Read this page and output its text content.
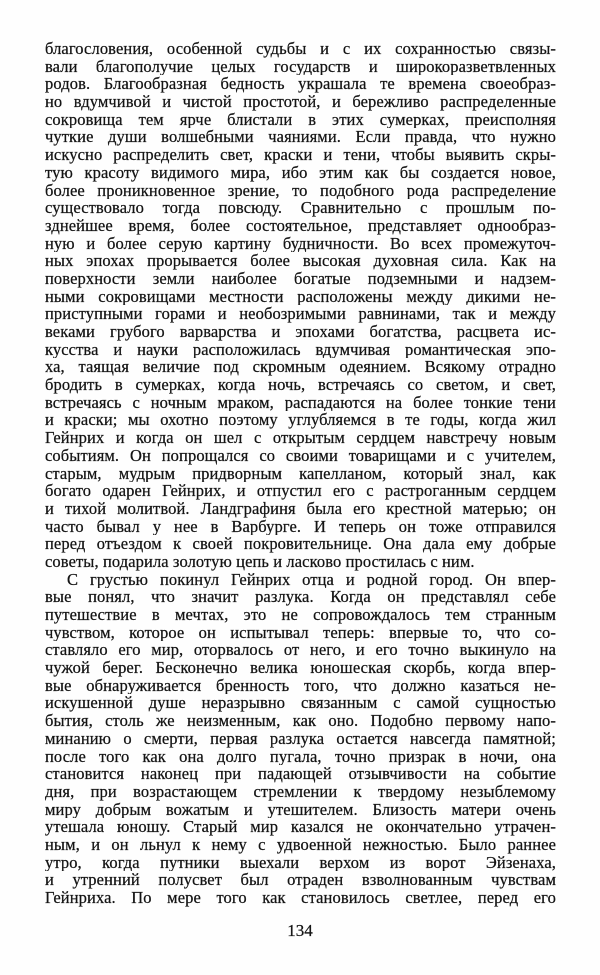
благословения, особенной судьбы и с их сохранностью связы-
вали благополучие целых государств и широкоразветвленных
родов. Благообразная бедность украшала те времена своеобраз-
но вдумчивой и чистой простотой, и бережливо распределенные
сокровища тем ярче блистали в этих сумерках, преисполняя
чуткие души волшебными чаяниями. Если правда, что нужно
искусно распределить свет, краски и тени, чтобы выявить скры-
тую красоту видимого мира, ибо этим как бы создается новое,
более проникновенное зрение, то подобного рода распределение
существовало тогда повсюду. Сравнительно с прошлым по-
зднейшее время, более состоятельное, представляет однообраз-
ную и более серую картину будничности. Во всех промежуточ-
ных эпохах прорывается более высокая духовная сила. Как на
поверхности земли наиболее богатые подземными и надзем-
ными сокровищами местности расположены между дикими не-
приступными горами и необозримыми равнинами, так и между
веками грубого варварства и эпохами богатства, расцвета ис-
кусства и науки расположилась вдумчивая романтическая эпо-
ха, таящая величие под скромным одеянием. Всякому отрадно
бродить в сумерках, когда ночь, встречаясь со светом, и свет,
встречаясь с ночным мраком, распадаются на более тонкие тени
и краски; мы охотно поэтому углубляемся в те годы, когда жил
Гейнрих и когда он шел с открытым сердцем навстречу новым
событиям. Он попрощался со своими товарищами и с учителем,
старым, мудрым придворным капелланом, который знал, как
богато одарен Гейнрих, и отпустил его с растроганным сердцем
и тихой молитвой. Ландграфиня была его крестной матерью; он
часто бывал у нее в Варбурге. И теперь он тоже отправился
перед отъездом к своей покровительнице. Она дала ему добрые
советы, подарила золотую цепь и ласково простилась с ним.
С грустью покинул Гейнрих отца и родной город. Он впер-
вые понял, что значит разлука. Когда он представлял себе
путешествие в мечтах, это не сопровождалось тем странным
чувством, которое он испытывал теперь: впервые то, что со-
ставляло его мир, оторвалось от него, и его точно выкинуло на
чужой берег. Бесконечно велика юношеская скорбь, когда впер-
вые обнаруживается бренность того, что должно казаться не-
искушенной душе неразрывно связанным с самой сущностью
бытия, столь же неизменным, как оно. Подобно первому напо-
минанию о смерти, первая разлука остается навсегда памятной;
после того как она долго пугала, точно призрак в ночи, она
становится наконец при падающей отзывчивости на событие
дня, при возрастающем стремлении к твердому незыблемому
миру добрым вожатым и утешителем. Близость матери очень
утешала юношу. Старый мир казался не окончательно утрачен-
ным, и он льнул к нему с удвоенной нежностью. Было раннее
утро, когда путники выехали верхом из ворот Эйзенаха,
и утренний полусвет был отраден взволнованным чувствам
Гейнриха. По мере того как становилось светлее, перед его
134
